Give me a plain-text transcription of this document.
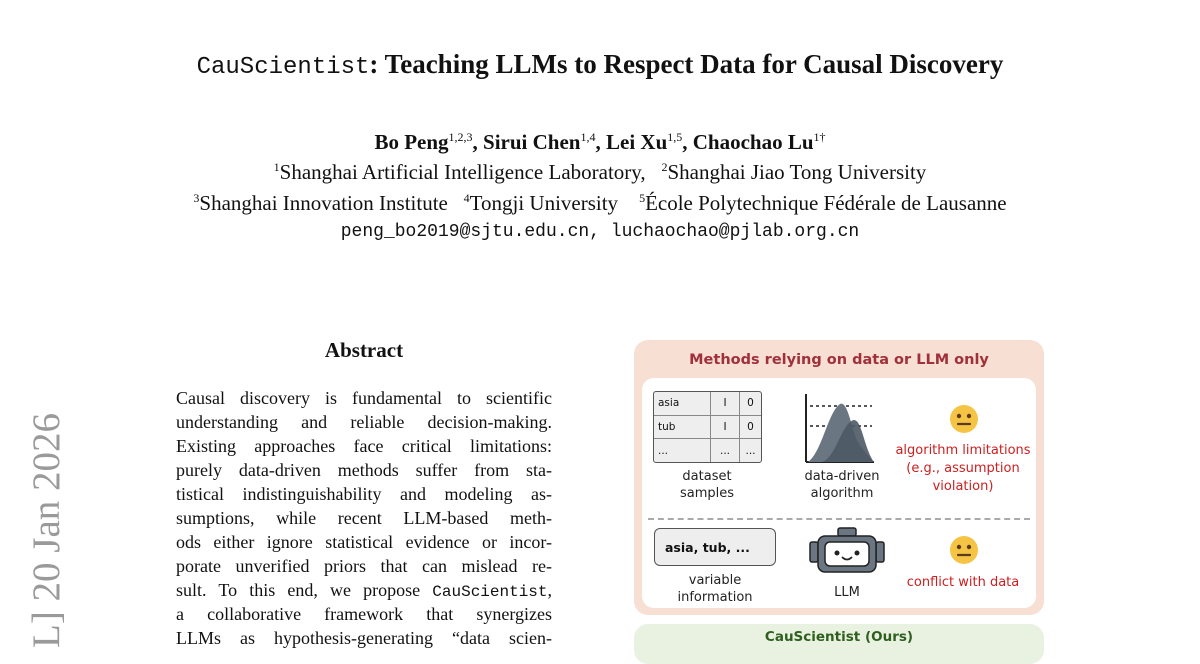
CauScientist: Teaching LLMs to Respect Data for Causal Discovery
Bo Peng$^{1,2,3}$, Sirui Chen$^{1,4}$, Lei Xu$^{1,5}$, Chaochao $Lu^{1\dagger}$
$^1$Shanghai Artificial Intelligence Laboratory, $^2$Shanghai Jiao Tong University
$^3$Shanghai Innovation Institute $^4$Tongji University $^5$École Polytechnique Fédérale de Lausanne
peng_bo2019@sjtu.edu.cn, luchaochao@pjlab.org.cn
L] 20 Jan 2026
Abstract
Causal discovery is fundamental to scientific
understanding and reliable decision-making.
Existing approaches face critical limitations:
purely data-driven methods suffer from sta-
tistical indistinguishability and modeling as-
sumptions, while recent LLM-based meth-
ods either ignore statistical evidence or incor-
porate unverified priors that can mislead re-
sult. To this end, we propose CauScientist,
a collaborative framework that synergizes
LLMs as hypothesis-generating “data scien-
Methods relying on data or LLM only
asia	I	0
tub	I	0
...	...	...
dataset
samples
data-driven
algorithm
algorithm limitations
(e.g., assumption
violation)
asia, tub, ...
variable
information	LLM
conflict with data
CauScientist (Ours)
